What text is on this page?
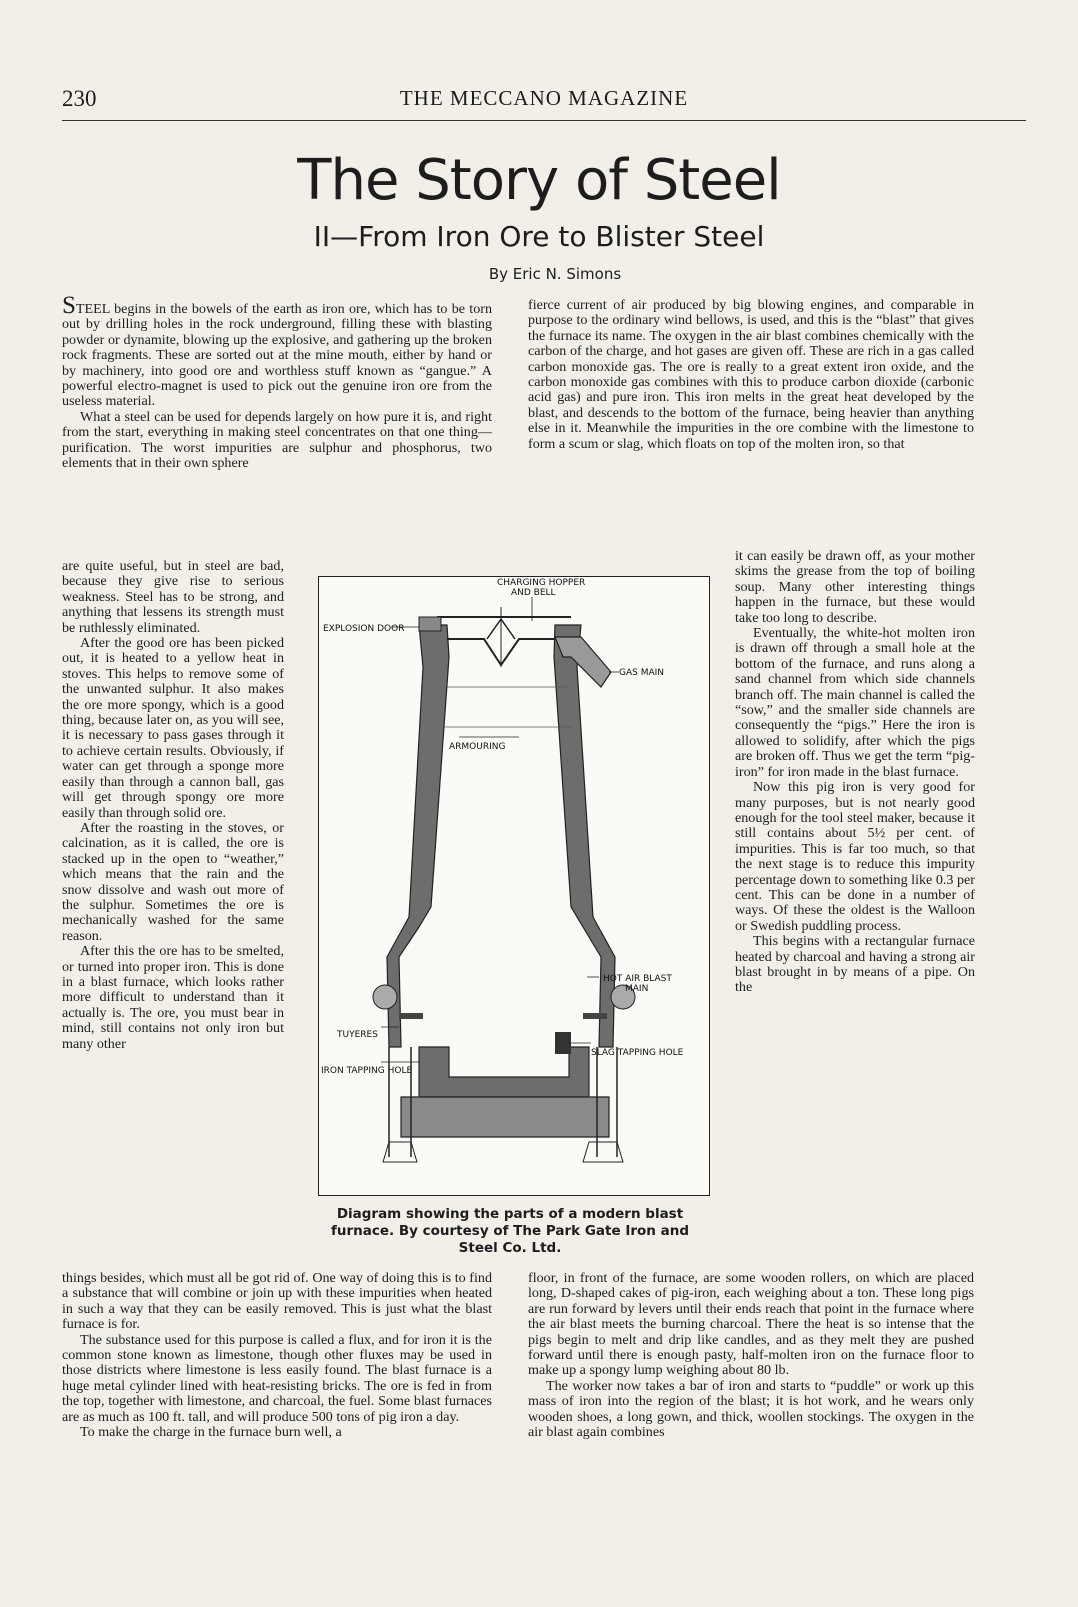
230	THE MECCANO MAGAZINE
The Story of Steel
II—From Iron Ore to Blister Steel
By Eric N. Simons

STEEL begins in the bowels of the earth as iron ore, which has to be torn out by drilling holes in the rock underground, filling these with blasting powder or dynamite, blowing up the explosive, and gathering up the broken rock fragments. These are sorted out at the mine mouth, either by hand or by machinery, into good ore and worthless stuff known as “gangue.” A powerful electro-magnet is used to pick out the genuine iron ore from the useless material.

What a steel can be used for depends largely on how pure it is, and right from the start, everything in making steel concentrates on that one thing—purification. The worst impurities are sulphur and phosphorus, two elements that in their own sphere

are quite useful, but in steel are bad, because they give rise to serious weakness. Steel has to be strong, and anything that lessens its strength must be ruthlessly eliminated.

After the good ore has been picked out, it is heated to a yellow heat in stoves. This helps to remove some of the unwanted sulphur. It also makes the ore more spongy, which is a good thing, because later on, as you will see, it is necessary to pass gases through it to achieve certain results. Obviously, if water can get through a sponge more easily than through a cannon ball, gas will get through spongy ore more easily than through solid ore.

After the roasting in the stoves, or calcination, as it is called, the ore is stacked up in the open to “weather,” which means that the rain and the snow dissolve and wash out more of the sulphur. Sometimes the ore is mechanically washed for the same reason.

After this the ore has to be smelted, or turned into proper iron. This is done in a blast furnace, which looks rather more difficult to understand than it actually is. The ore, you must bear in mind, still contains not only iron but many other

things besides, which must all be got rid of. One way of doing this is to find a substance that will combine or join up with these impurities when heated in such a way that they can be easily removed. This is just what the blast furnace is for.

The substance used for this purpose is called a flux, and for iron it is the common stone known as limestone, though other fluxes may be used in those districts where limestone is less easily found. The blast furnace is a huge metal cylinder lined with heat-resisting bricks. The ore is fed in from the top, together with limestone, and charcoal, the fuel. Some blast furnaces are as much as 100 ft. tall, and will produce 500 tons of pig iron a day.

To make the charge in the furnace burn well, a

fierce current of air produced by big blowing engines, and comparable in purpose to the ordinary wind bellows, is used, and this is the “blast” that gives the furnace its name. The oxygen in the air blast combines chemically with the carbon of the charge, and hot gases are given off. These are rich in a gas called carbon monoxide gas. The ore is really to a great extent iron oxide, and the carbon monoxide gas combines with this to produce carbon dioxide (carbonic acid gas) and pure iron. This iron melts in the great heat developed by the blast, and descends to the bottom of the furnace, being heavier than anything else in it. Meanwhile the impurities in the ore combine with the limestone to form a scum or slag, which floats on top of the molten iron, so that

it can easily be drawn off, as your mother skims the grease from the top of boiling soup. Many other interesting things happen in the furnace, but these would take too long to describe.

Eventually, the white-hot molten iron is drawn off through a small hole at the bottom of the furnace, and runs along a sand channel from which side channels branch off. The main channel is called the “sow,” and the smaller side channels are consequently the “pigs.” Here the iron is allowed to solidify, after which the pigs are broken off. Thus we get the term “pig-iron” for iron made in the blast furnace.

Now this pig iron is very good for many purposes, but is not nearly good enough for the tool steel maker, because it still contains about 5½ per cent. of impurities. This is far too much, so that the next stage is to reduce this impurity percentage down to something like 0.3 per cent. This can be done in a number of ways. Of these the oldest is the Walloon or Swedish puddling process.

This begins with a rectangular furnace heated by charcoal and having a strong air blast brought in by means of a pipe. On the

floor, in front of the furnace, are some wooden rollers, on which are placed long, D-shaped cakes of pig-iron, each weighing about a ton. These long pigs are run forward by levers until their ends reach that point in the furnace where the air blast meets the burning charcoal. There the heat is so intense that the pigs begin to melt and drip like candles, and as they melt they are pushed forward until there is enough pasty, half-molten iron on the furnace floor to make up a spongy lump weighing about 80 lb.

The worker now takes a bar of iron and starts to “puddle” or work up this mass of iron into the region of the blast; it is hot work, and he wears only wooden shoes, a long gown, and thick, woollen stockings. The oxygen in the air blast again combines

CHARGING HOPPER
AND BELL
EXPLOSION DOOR
GAS MAIN
ARMOURING
HOT AIR BLAST
MAIN
TUYERES
SLAG TAPPING HOLE
IRON TAPPING HOLE
Diagram showing the parts of a modern blast furnace. By courtesy of The Park Gate Iron and Steel Co. Ltd.
